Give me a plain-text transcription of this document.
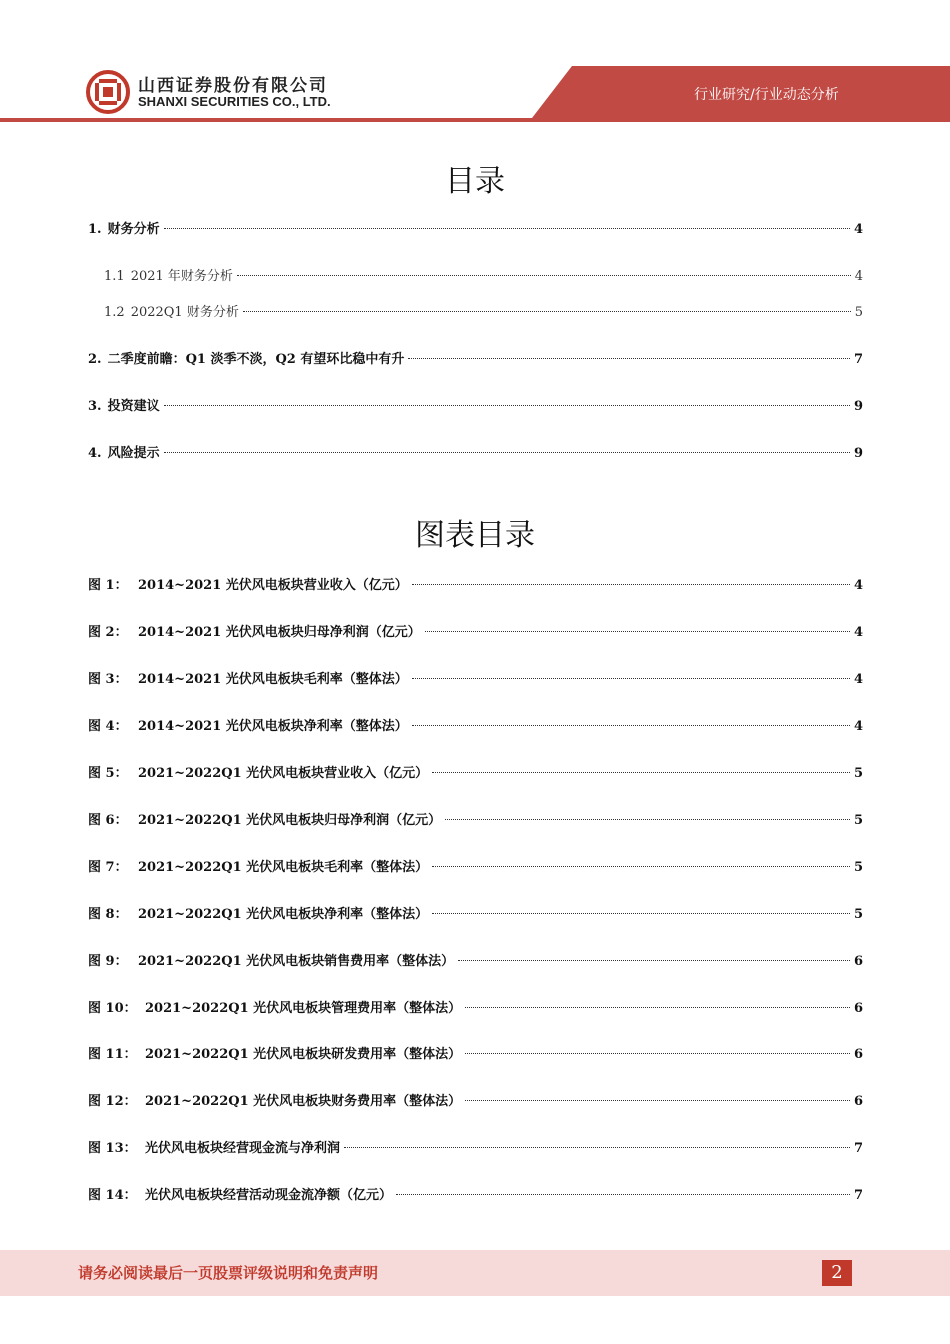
山西证券股份有限公司
SHANXI SECURITIES CO., LTD.	行业研究/行业动态分析
目录
1. 财务分析	4
1.1 2021 年财务分析	4
1.2 2022Q1 财务分析	5
2. 二季度前瞻：Q1 淡季不淡，Q2 有望环比稳中有升	7
3. 投资建议	9
4. 风险提示	9
图表目录
图 1： 2014~2021 光伏风电板块营业收入（亿元）	4
图 2： 2014~2021 光伏风电板块归母净利润（亿元）	4
图 3： 2014~2021 光伏风电板块毛利率（整体法）	4
图 4： 2014~2021 光伏风电板块净利率（整体法）	4
图 5： 2021~2022Q1 光伏风电板块营业收入（亿元）	5
图 6： 2021~2022Q1 光伏风电板块归母净利润（亿元）	5
图 7： 2021~2022Q1 光伏风电板块毛利率（整体法）	5
图 8： 2021~2022Q1 光伏风电板块净利率（整体法）	5
图 9： 2021~2022Q1 光伏风电板块销售费用率（整体法）	6
图 10： 2021~2022Q1 光伏风电板块管理费用率（整体法）	6
图 11： 2021~2022Q1 光伏风电板块研发费用率（整体法）	6
图 12： 2021~2022Q1 光伏风电板块财务费用率（整体法）	6
图 13： 光伏风电板块经营现金流与净利润	7
图 14： 光伏风电板块经营活动现金流净额（亿元）	7
请务必阅读最后一页股票评级说明和免责声明	2
